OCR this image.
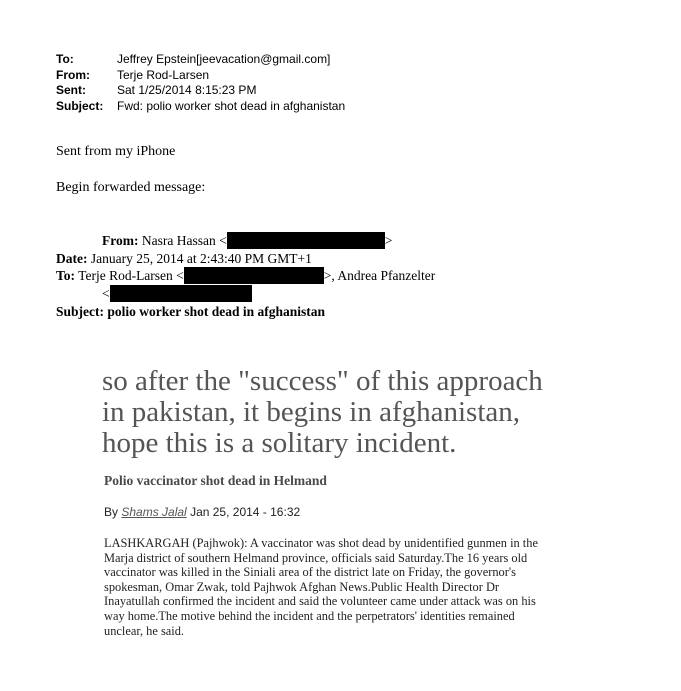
To:	Jeffrey Epstein[jeevacation@gmail.com]
From:	Terje Rod-Larsen
Sent:	Sat 1/25/2014 8:15:23 PM
Subject:	Fwd: polio worker shot dead in afghanistan
Sent from my iPhone
Begin forwarded message:
From: Nasra Hassan <	>
Date: January 25, 2014 at 2:43:40 PM GMT+1
To: Terje Rod-Larsen <	>, Andrea Pfanzelter
<
Subject: polio worker shot dead in afghanistan
so after the "success" of this approach
in pakistan, it begins in afghanistan,
hope this is a solitary incident.
Polio vaccinator shot dead in Helmand
By Shams Jalal Jan 25, 2014 - 16:32
LASHKARGAH (Pajhwok): A vaccinator was shot dead by unidentified gunmen in the
Marja district of southern Helmand province, officials said Saturday.The 16 years old
vaccinator was killed in the Siniali area of the district late on Friday, the governor's
spokesman, Omar Zwak, told Pajhwok Afghan News.Public Health Director Dr
Inayatullah confirmed the incident and said the volunteer came under attack was on his
way home.The motive behind the incident and the perpetrators' identities remained
unclear, he said.
